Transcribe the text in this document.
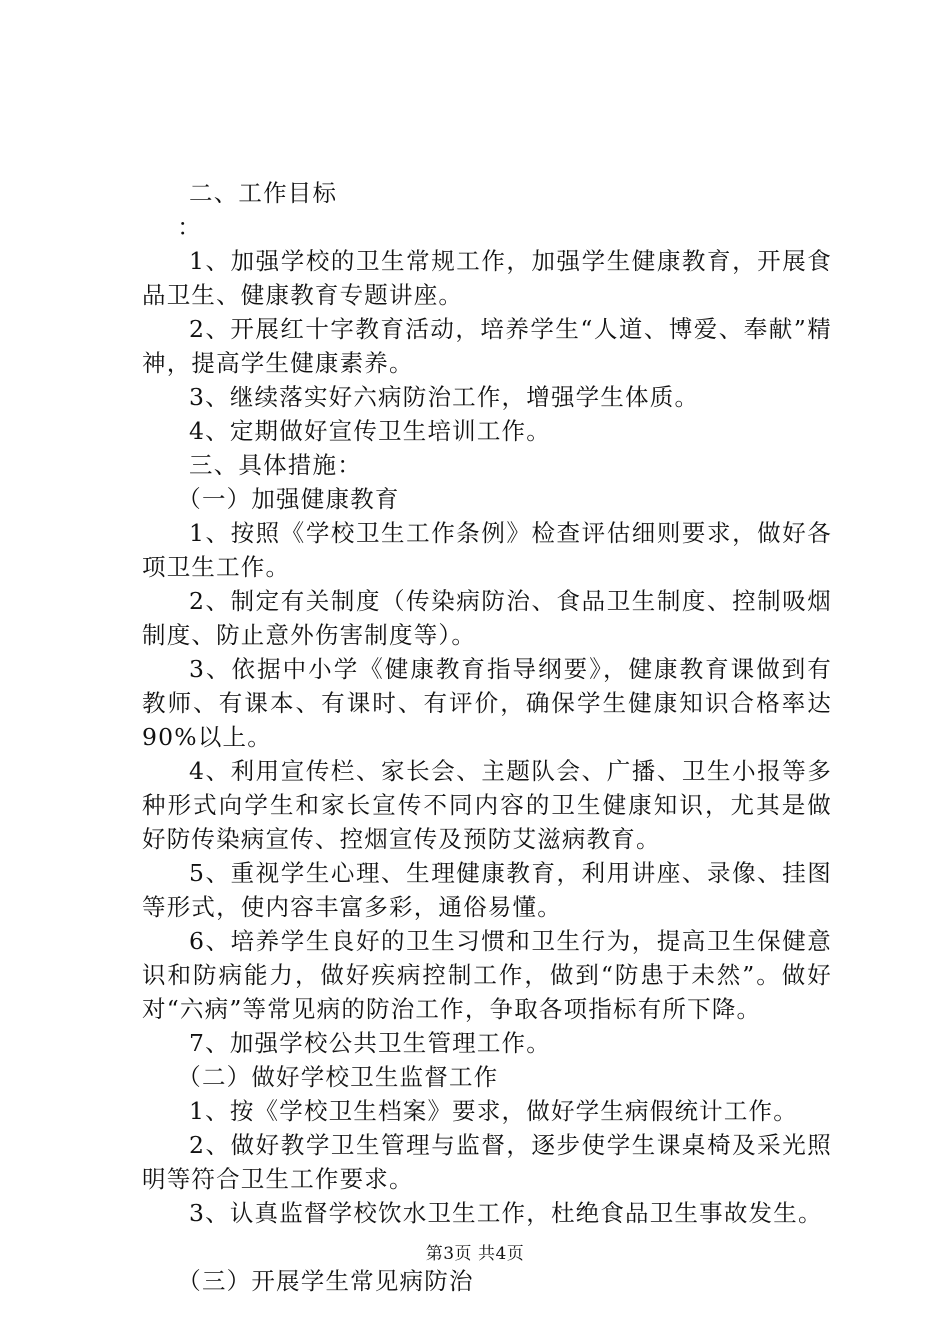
二、工作目标

：

1、加强学校的卫生常规工作，加强学生健康教育，开展食品卫生、健康教育专题讲座。

2、开展红十字教育活动，培养学生“人道、博爱、奉献”精神，提高学生健康素养。

3、继续落实好六病防治工作，增强学生体质。

4、定期做好宣传卫生培训工作。

三、具体措施：

（一）加强健康教育

1、按照《学校卫生工作条例》检查评估细则要求，做好各项卫生工作。

2、制定有关制度（传染病防治、食品卫生制度、控制吸烟制度、防止意外伤害制度等）。

3、依据中小学《健康教育指导纲要》，健康教育课做到有教师、有课本、有课时、有评价，确保学生健康知识合格率达90%以上。

4、利用宣传栏、家长会、主题队会、广播、卫生小报等多种形式向学生和家长宣传不同内容的卫生健康知识，尤其是做好防传染病宣传、控烟宣传及预防艾滋病教育。

5、重视学生心理、生理健康教育，利用讲座、录像、挂图等形式，使内容丰富多彩，通俗易懂。

6、培养学生良好的卫生习惯和卫生行为，提高卫生保健意识和防病能力，做好疾病控制工作，做到“防患于未然”。做好对“六病”等常见病的防治工作，争取各项指标有所下降。

7、加强学校公共卫生管理工作。

（二）做好学校卫生监督工作

1、按《学校卫生档案》要求，做好学生病假统计工作。

2、做好教学卫生管理与监督，逐步使学生课桌椅及采光照明等符合卫生工作要求。

3、认真监督学校饮水卫生工作，杜绝食品卫生事故发生。

（三）开展学生常见病防治

第3页 共4页
